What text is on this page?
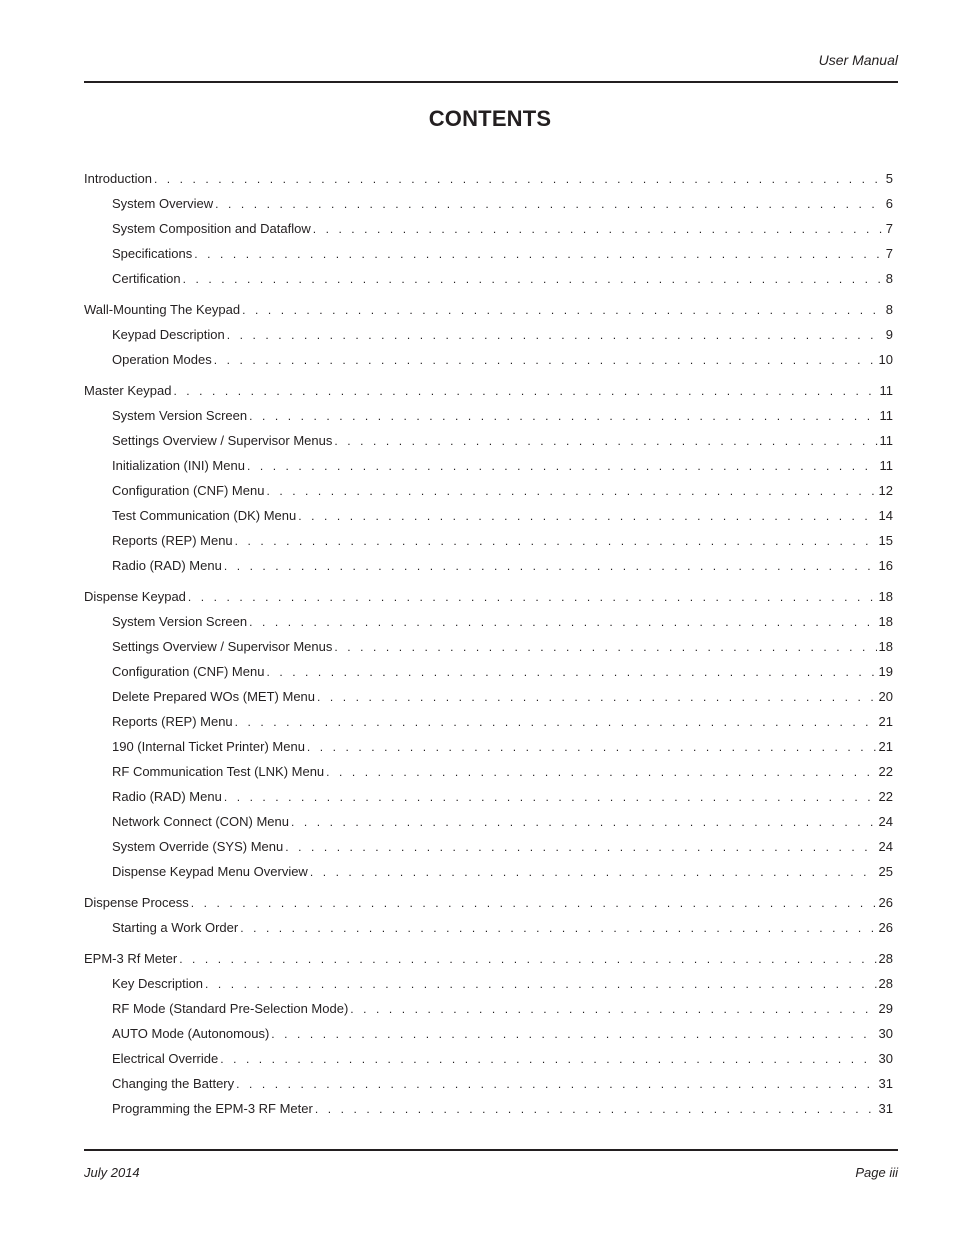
User Manual
CONTENTS
Introduction . . .	5
System Overview . . .	6
System Composition and Dataflow . . .	7
Specifications . . .	7
Certification . . .	8
Wall-Mounting The Keypad . . .	8
Keypad Description . . .	9
Operation Modes . . .	10
Master Keypad . . .	11
System Version Screen . . .	11
Settings Overview / Supervisor Menus . . .	11
Initialization (INI) Menu . . .	11
Configuration (CNF) Menu . . .	12
Test Communication (DK) Menu . . .	14
Reports (REP) Menu . . .	15
Radio (RAD) Menu . . .	16
Dispense Keypad . . .	18
System Version Screen . . .	18
Settings Overview / Supervisor Menus . . .	18
Configuration (CNF) Menu . . .	19
Delete Prepared WOs (MET) Menu . . .	20
Reports (REP) Menu . . .	21
190 (Internal Ticket Printer) Menu . . .	21
RF Communication Test (LNK) Menu . . .	22
Radio (RAD) Menu . . .	22
Network Connect (CON) Menu . . .	24
System Override (SYS) Menu . . .	24
Dispense Keypad Menu Overview . . .	25
Dispense Process . . .	26
Starting a Work Order . . .	26
EPM-3 Rf Meter . . .	28
Key Description . . .	28
RF Mode (Standard Pre-Selection Mode) . . .	29
AUTO Mode (Autonomous) . . .	30
Electrical Override . . .	30
Changing the Battery . . .	31
Programming the EPM-3 RF Meter . . .	31
July 2014	Page iii
